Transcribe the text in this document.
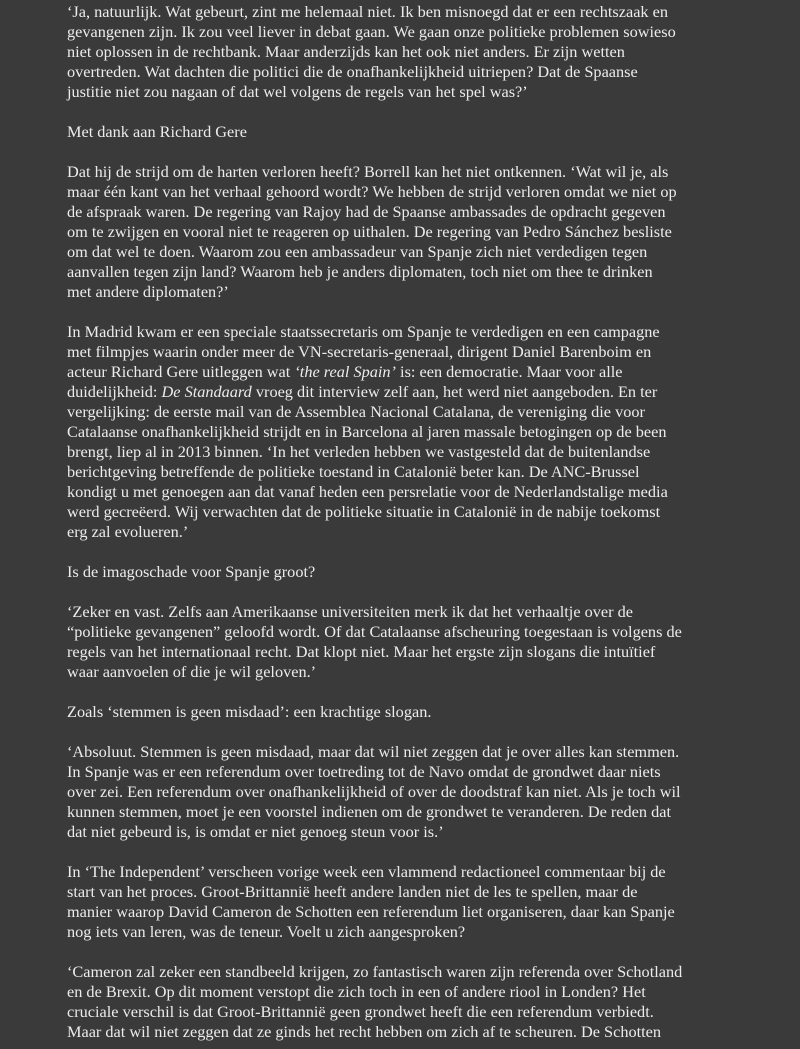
‘Ja, natuurlijk. Wat gebeurt, zint me helemaal niet. Ik ben misnoegd dat er een rechtszaak en
gevangenen zijn. Ik zou veel liever in debat gaan. We gaan onze politieke problemen sowieso
niet oplossen in de rechtbank. Maar anderzijds kan het ook niet anders. Er zijn wetten
overtreden. Wat dachten die politici die de onafhankelijkheid uitriepen? Dat de Spaanse
justitie niet zou nagaan of dat wel volgens de regels van het spel was?’

Met dank aan Richard Gere

Dat hij de strijd om de harten verloren heeft? Borrell kan het niet ontkennen. ‘Wat wil je, als
maar één kant van het verhaal gehoord wordt? We hebben de strijd verloren omdat we niet op
de afspraak waren. De regering van Rajoy had de Spaanse ambassades de opdracht gegeven
om te zwijgen en vooral niet te reageren op uithalen. De regering van Pedro Sánchez besliste
om dat wel te doen. Waarom zou een ambassadeur van Spanje zich niet verdedigen tegen
aanvallen tegen zijn land? Waarom heb je anders diplomaten, toch niet om thee te drinken
met andere diplomaten?’

In Madrid kwam er een speciale staatssecretaris om Spanje te verdedigen en een campagne
met filmpjes waarin onder meer de VN-secretaris-generaal, dirigent Daniel Barenboim en
acteur Richard Gere uitleggen wat ‘the real Spain’ is: een democratie. Maar voor alle
duidelijkheid: De Standaard vroeg dit interview zelf aan, het werd niet aangeboden. En ter
vergelijking: de eerste mail van de Assemblea Nacional Catalana, de vereniging die voor
Catalaanse onafhankelijkheid strijdt en in Barcelona al jaren massale betogingen op de been
brengt, liep al in 2013 binnen. ‘In het verleden hebben we vastgesteld dat de buitenlandse
berichtgeving betreffende de politieke toestand in Catalonië beter kan. De ANC-Brussel
kondigt u met genoegen aan dat vanaf heden een persrelatie voor de Nederlandstalige media
werd gecreëerd. Wij verwachten dat de politieke situatie in Catalonië in de nabije toekomst
erg zal evolueren.’

Is de imagoschade voor Spanje groot?

‘Zeker en vast. Zelfs aan Amerikaanse universiteiten merk ik dat het verhaaltje over de
“politieke gevangenen” geloofd wordt. Of dat Catalaanse afscheuring toegestaan is volgens de
regels van het internationaal recht. Dat klopt niet. Maar het ergste zijn slogans die intuïtief
waar aanvoelen of die je wil geloven.’

Zoals ‘stemmen is geen misdaad’: een krachtige slogan.

‘Absoluut. Stemmen is geen misdaad, maar dat wil niet zeggen dat je over alles kan stemmen.
In Spanje was er een referendum over toetreding tot de Navo omdat de grondwet daar niets
over zei. Een referendum over onafhankelijkheid of over de doodstraf kan niet. Als je toch wil
kunnen stemmen, moet je een voorstel indienen om de grondwet te veranderen. De reden dat
dat niet gebeurd is, is omdat er niet genoeg steun voor is.’

In ‘The Independent’ verscheen vorige week een vlammend redactioneel commentaar bij de
start van het proces. Groot-Brittannië heeft andere landen niet de les te spellen, maar de
manier waarop David Cameron de Schotten een referendum liet organiseren, daar kan Spanje
nog iets van leren, was de teneur. Voelt u zich aangesproken?

‘Cameron zal zeker een standbeeld krijgen, zo fantastisch waren zijn referenda over Schotland
en de Brexit. Op dit moment verstopt die zich toch in een of andere riool in Londen? Het
cruciale verschil is dat Groot-Brittannië geen grondwet heeft die een referendum verbiedt.
Maar dat wil niet zeggen dat ze ginds het recht hebben om zich af te scheuren. De Schotten
